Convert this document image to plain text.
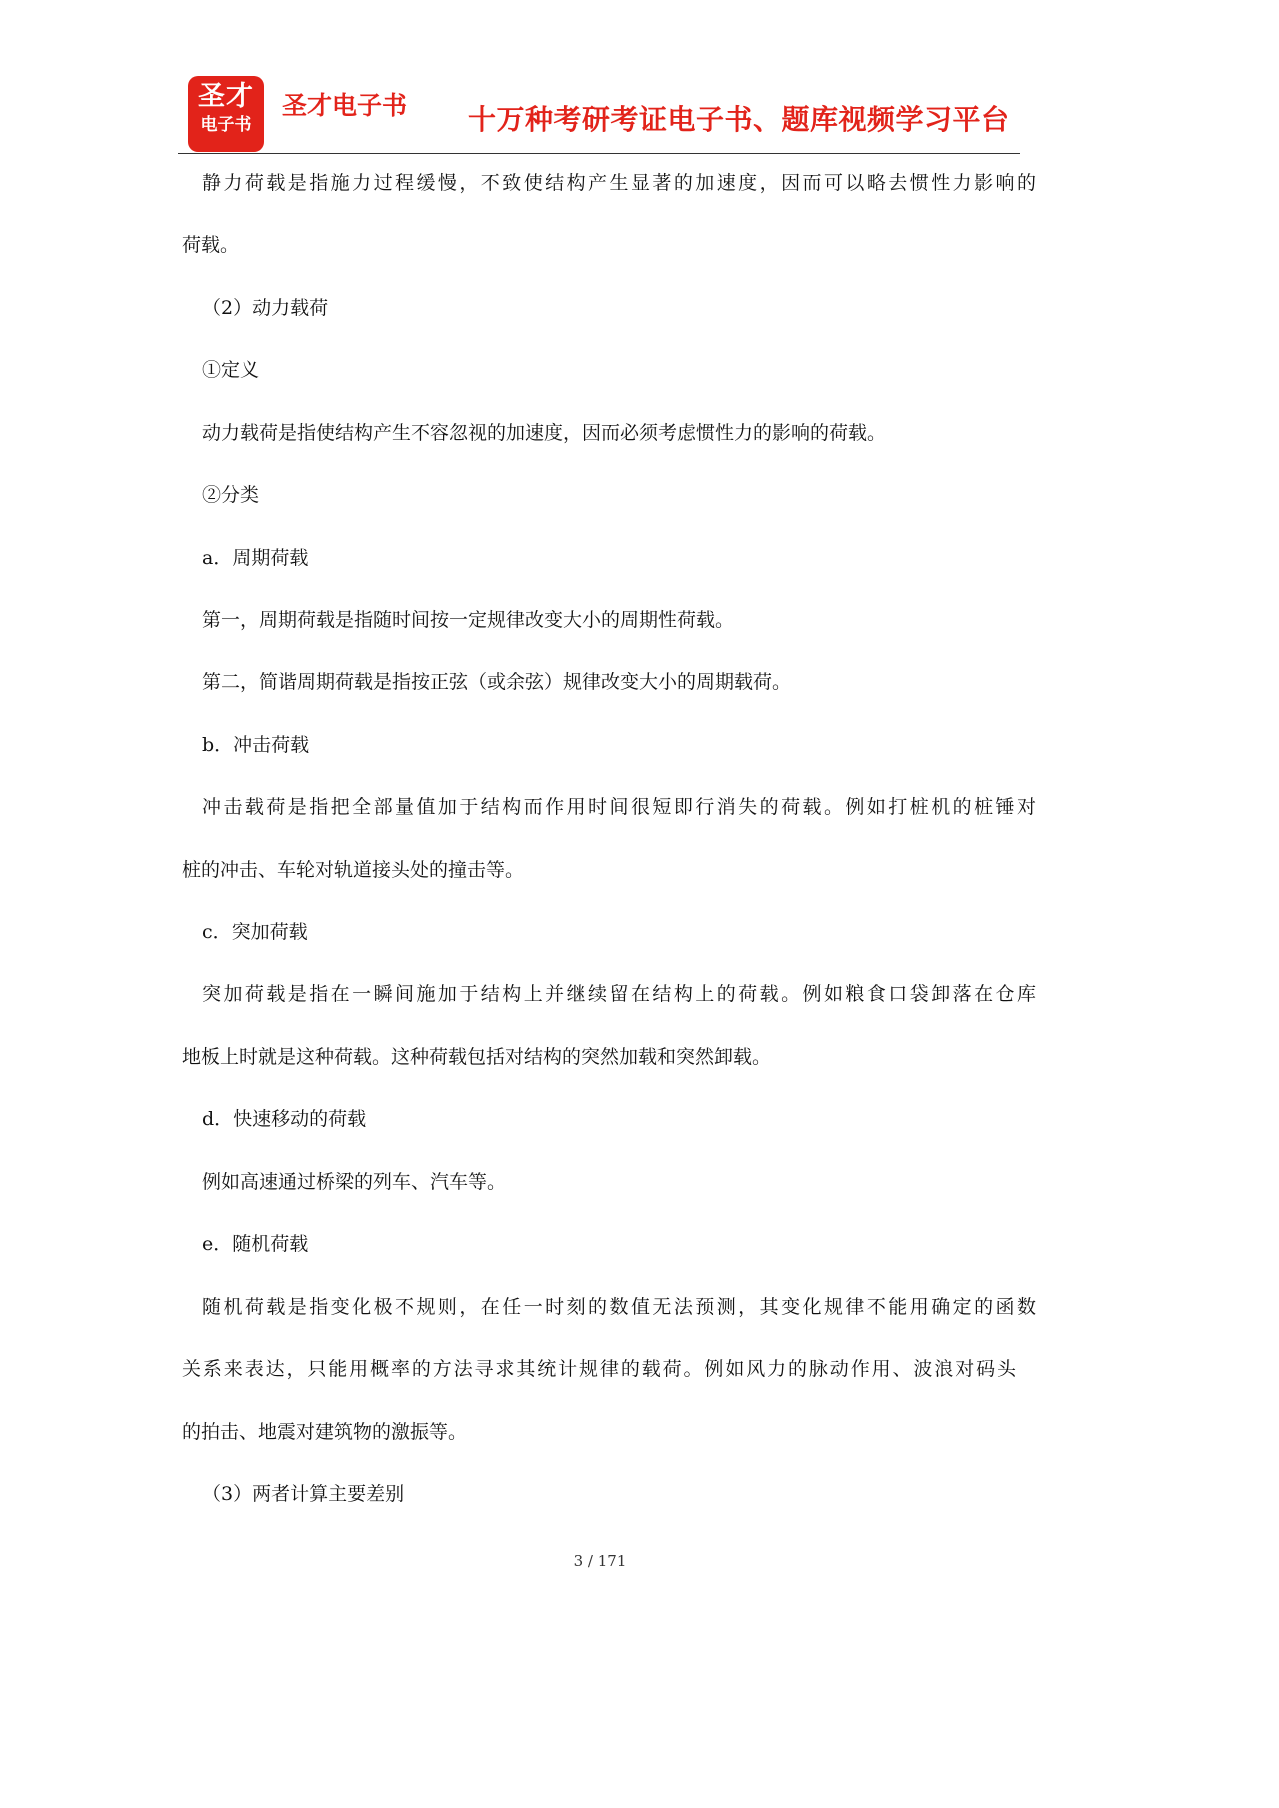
圣才
电子书
圣才电子书 十万种考研考证电子书、题库视频学习平台
静力荷载是指施力过程缓慢，不致使结构产生显著的加速度，因而可以略去惯性力影响的
荷载。
（2）动力载荷
①定义
动力载荷是指使结构产生不容忽视的加速度，因而必须考虑惯性力的影响的荷载。
②分类
a．周期荷载
第一，周期荷载是指随时间按一定规律改变大小的周期性荷载。
第二，简谐周期荷载是指按正弦（或余弦）规律改变大小的周期载荷。
b．冲击荷载
冲击载荷是指把全部量值加于结构而作用时间很短即行消失的荷载。例如打桩机的桩锤对
桩的冲击、车轮对轨道接头处的撞击等。
c．突加荷载
突加荷载是指在一瞬间施加于结构上并继续留在结构上的荷载。例如粮食口袋卸落在仓库
地板上时就是这种荷载。这种荷载包括对结构的突然加载和突然卸载。
d．快速移动的荷载
例如高速通过桥梁的列车、汽车等。
e．随机荷载
随机荷载是指变化极不规则，在任一时刻的数值无法预测，其变化规律不能用确定的函数
关系来表达，只能用概率的方法寻求其统计规律的载荷。例如风力的脉动作用、波浪对码头
的拍击、地震对建筑物的激振等。
（3）两者计算主要差别
3 / 171
